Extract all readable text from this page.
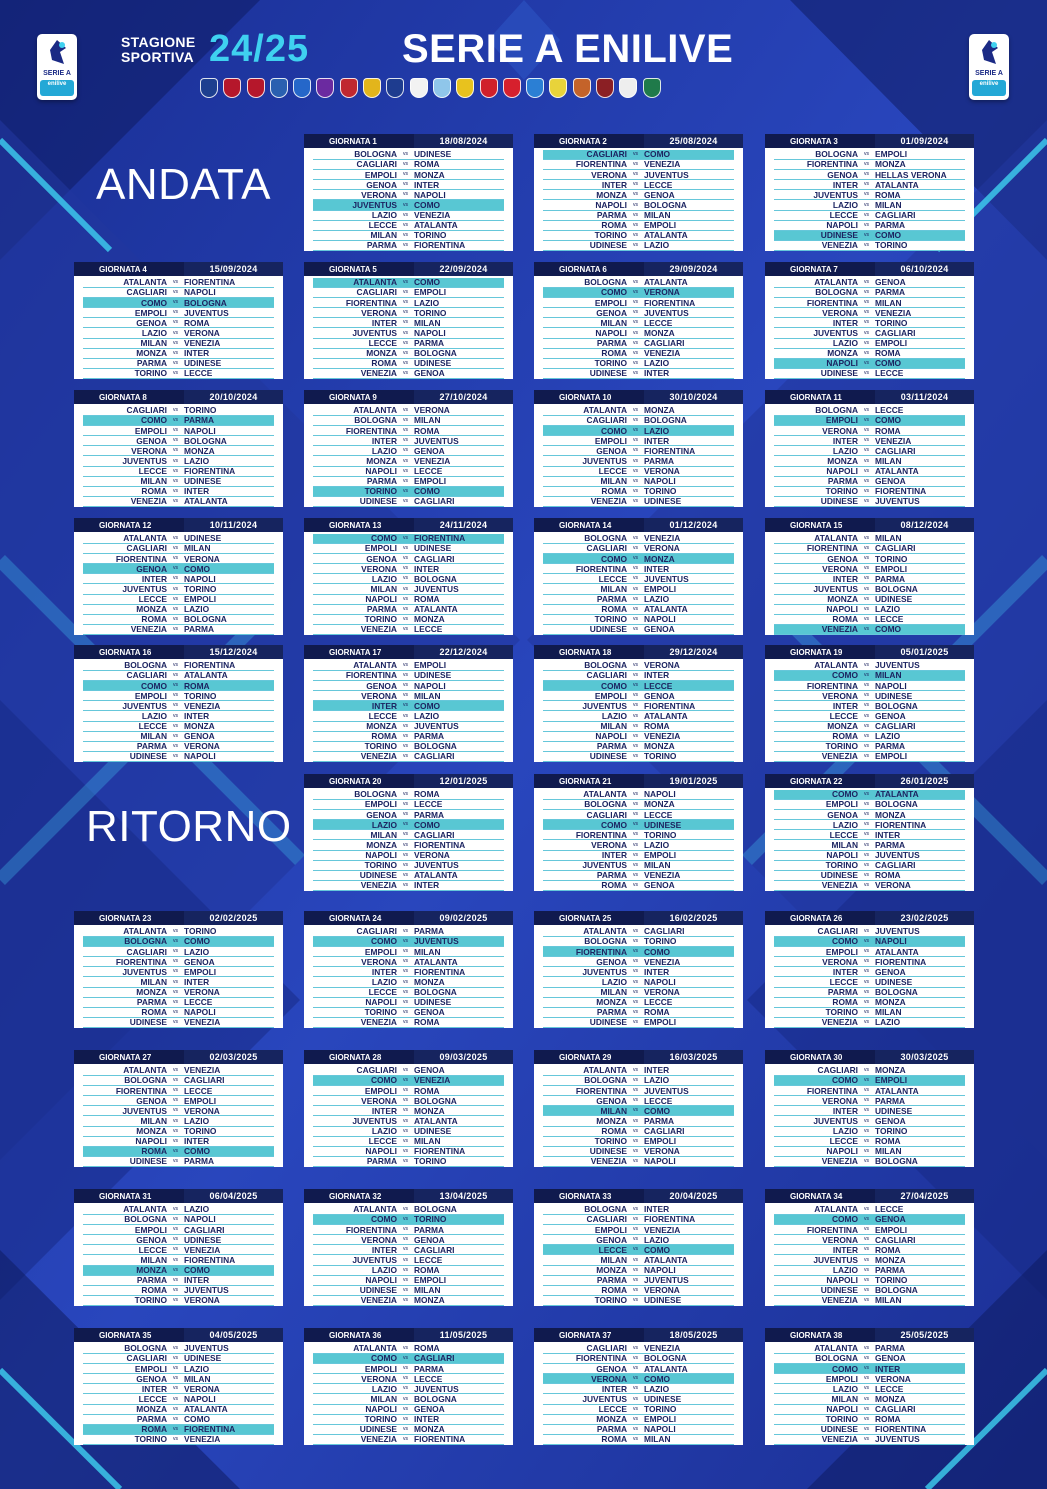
SERIE A
enilive
SERIE A
enilive
STAGIONE
SPORTIVA 24/25 SERIE A ENILIVE
ANDATA
RITORNO
GIORNATA 1	18/08/2024
BOLOGNA	vs UDINESE
CAGLIARI	vs ROMA
EMPOLI	vs MONZA
GENOA	vs INTER
VERONA	vs NAPOLI
JUVENTUS	vs COMO
LAZIO	vs VENEZIA
LECCE	vs ATALANTA
MILAN	vs TORINO
PARMA	vs FIORENTINA
GIORNATA 2	25/08/2024
CAGLIARI	vs COMO
FIORENTINA	vs VENEZIA
VERONA	vs JUVENTUS
INTER	vs LECCE
MONZA	vs GENOA
NAPOLI	vs BOLOGNA
PARMA	vs MILAN
ROMA	vs EMPOLI
TORINO	vs ATALANTA
UDINESE	vs LAZIO
GIORNATA 3	01/09/2024
BOLOGNA	vs EMPOLI
FIORENTINA	vs MONZA
GENOA	vs HELLAS VERONA
INTER	vs ATALANTA
JUVENTUS	vs ROMA
LAZIO	vs MILAN
LECCE	vs CAGLIARI
NAPOLI	vs PARMA
UDINESE	vs COMO
VENEZIA	vs TORINO
GIORNATA 4	15/09/2024
ATALANTA	vs FIORENTINA
CAGLIARI	vs NAPOLI
COMO	vs BOLOGNA
EMPOLI	vs JUVENTUS
GENOA	vs ROMA
LAZIO	vs VERONA
MILAN	vs VENEZIA
MONZA	vs INTER
PARMA	vs UDINESE
TORINO	vs LECCE
GIORNATA 5	22/09/2024
ATALANTA	vs COMO
CAGLIARI	vs EMPOLI
FIORENTINA	vs LAZIO
VERONA	vs TORINO
INTER	vs MILAN
JUVENTUS	vs NAPOLI
LECCE	vs PARMA
MONZA	vs BOLOGNA
ROMA	vs UDINESE
VENEZIA	vs GENOA
GIORNATA 6	29/09/2024
BOLOGNA	vs ATALANTA
COMO	vs VERONA
EMPOLI	vs FIORENTINA
GENOA	vs JUVENTUS
MILAN	vs LECCE
NAPOLI	vs MONZA
PARMA	vs CAGLIARI
ROMA	vs VENEZIA
TORINO	vs LAZIO
UDINESE	vs INTER
GIORNATA 7	06/10/2024
ATALANTA	vs GENOA
BOLOGNA	vs PARMA
FIORENTINA	vs MILAN
VERONA	vs VENEZIA
INTER	vs TORINO
JUVENTUS	vs CAGLIARI
LAZIO	vs EMPOLI
MONZA	vs ROMA
NAPOLI	vs COMO
UDINESE	vs LECCE
GIORNATA 8	20/10/2024
CAGLIARI	vs TORINO
COMO	vs PARMA
EMPOLI	vs NAPOLI
GENOA	vs BOLOGNA
VERONA	vs MONZA
JUVENTUS	vs LAZIO
LECCE	vs FIORENTINA
MILAN	vs UDINESE
ROMA	vs INTER
VENEZIA	vs ATALANTA
GIORNATA 9	27/10/2024
ATALANTA	vs VERONA
BOLOGNA	vs MILAN
FIORENTINA	vs ROMA
INTER	vs JUVENTUS
LAZIO	vs GENOA
MONZA	vs VENEZIA
NAPOLI	vs LECCE
PARMA	vs EMPOLI
TORINO	vs COMO
UDINESE	vs CAGLIARI
GIORNATA 10	30/10/2024
ATALANTA	vs MONZA
CAGLIARI	vs BOLOGNA
COMO	vs LAZIO
EMPOLI	vs INTER
GENOA	vs FIORENTINA
JUVENTUS	vs PARMA
LECCE	vs VERONA
MILAN	vs NAPOLI
ROMA	vs TORINO
VENEZIA	vs UDINESE
GIORNATA 11	03/11/2024
BOLOGNA	vs LECCE
EMPOLI	vs COMO
VERONA	vs ROMA
INTER	vs VENEZIA
LAZIO	vs CAGLIARI
MONZA	vs MILAN
NAPOLI	vs ATALANTA
PARMA	vs GENOA
TORINO	vs FIORENTINA
UDINESE	vs JUVENTUS
GIORNATA 12	10/11/2024
ATALANTA	vs UDINESE
CAGLIARI	vs MILAN
FIORENTINA	vs VERONA
GENOA	vs COMO
INTER	vs NAPOLI
JUVENTUS	vs TORINO
LECCE	vs EMPOLI
MONZA	vs LAZIO
ROMA	vs BOLOGNA
VENEZIA	vs PARMA
GIORNATA 13	24/11/2024
COMO	vs FIORENTINA
EMPOLI	vs UDINESE
GENOA	vs CAGLIARI
VERONA	vs INTER
LAZIO	vs BOLOGNA
MILAN	vs JUVENTUS
NAPOLI	vs ROMA
PARMA	vs ATALANTA
TORINO	vs MONZA
VENEZIA	vs LECCE
GIORNATA 14	01/12/2024
BOLOGNA	vs VENEZIA
CAGLIARI	vs VERONA
COMO	vs MONZA
FIORENTINA	vs INTER
LECCE	vs JUVENTUS
MILAN	vs EMPOLI
PARMA	vs LAZIO
ROMA	vs ATALANTA
TORINO	vs NAPOLI
UDINESE	vs GENOA
GIORNATA 15	08/12/2024
ATALANTA	vs MILAN
FIORENTINA	vs CAGLIARI
GENOA	vs TORINO
VERONA	vs EMPOLI
INTER	vs PARMA
JUVENTUS	vs BOLOGNA
MONZA	vs UDINESE
NAPOLI	vs LAZIO
ROMA	vs LECCE
VENEZIA	vs COMO
GIORNATA 16	15/12/2024
BOLOGNA	vs FIORENTINA
CAGLIARI	vs ATALANTA
COMO	vs ROMA
EMPOLI	vs TORINO
JUVENTUS	vs VENEZIA
LAZIO	vs INTER
LECCE	vs MONZA
MILAN	vs GENOA
PARMA	vs VERONA
UDINESE	vs NAPOLI
GIORNATA 17	22/12/2024
ATALANTA	vs EMPOLI
FIORENTINA	vs UDINESE
GENOA	vs NAPOLI
VERONA	vs MILAN
INTER	vs COMO
LECCE	vs LAZIO
MONZA	vs JUVENTUS
ROMA	vs PARMA
TORINO	vs BOLOGNA
VENEZIA	vs CAGLIARI
GIORNATA 18	29/12/2024
BOLOGNA	vs VERONA
CAGLIARI	vs INTER
COMO	vs LECCE
EMPOLI	vs GENOA
JUVENTUS	vs FIORENTINA
LAZIO	vs ATALANTA
MILAN	vs ROMA
NAPOLI	vs VENEZIA
PARMA	vs MONZA
UDINESE	vs TORINO
GIORNATA 19	05/01/2025
ATALANTA	vs JUVENTUS
COMO	vs MILAN
FIORENTINA	vs NAPOLI
VERONA	vs UDINESE
INTER	vs BOLOGNA
LECCE	vs GENOA
MONZA	vs CAGLIARI
ROMA	vs LAZIO
TORINO	vs PARMA
VENEZIA	vs EMPOLI
GIORNATA 20	12/01/2025
BOLOGNA	vs ROMA
EMPOLI	vs LECCE
GENOA	vs PARMA
LAZIO	vs COMO
MILAN	vs CAGLIARI
MONZA	vs FIORENTINA
NAPOLI	vs VERONA
TORINO	vs JUVENTUS
UDINESE	vs ATALANTA
VENEZIA	vs INTER
GIORNATA 21	19/01/2025
ATALANTA	vs NAPOLI
BOLOGNA	vs MONZA
CAGLIARI	vs LECCE
COMO	vs UDINESE
FIORENTINA	vs TORINO
VERONA	vs LAZIO
INTER	vs EMPOLI
JUVENTUS	vs MILAN
PARMA	vs VENEZIA
ROMA	vs GENOA
GIORNATA 22	26/01/2025
COMO	vs ATALANTA
EMPOLI	vs BOLOGNA
GENOA	vs MONZA
LAZIO	vs FIORENTINA
LECCE	vs INTER
MILAN	vs PARMA
NAPOLI	vs JUVENTUS
TORINO	vs CAGLIARI
UDINESE	vs ROMA
VENEZIA	vs VERONA
GIORNATA 23	02/02/2025
ATALANTA	vs TORINO
BOLOGNA	vs COMO
CAGLIARI	vs LAZIO
FIORENTINA	vs GENOA
JUVENTUS	vs EMPOLI
MILAN	vs INTER
MONZA	vs VERONA
PARMA	vs LECCE
ROMA	vs NAPOLI
UDINESE	vs VENEZIA
GIORNATA 24	09/02/2025
CAGLIARI	vs PARMA
COMO	vs JUVENTUS
EMPOLI	vs MILAN
VERONA	vs ATALANTA
INTER	vs FIORENTINA
LAZIO	vs MONZA
LECCE	vs BOLOGNA
NAPOLI	vs UDINESE
TORINO	vs GENOA
VENEZIA	vs ROMA
GIORNATA 25	16/02/2025
ATALANTA	vs CAGLIARI
BOLOGNA	vs TORINO
FIORENTINA	vs COMO
GENOA	vs VENEZIA
JUVENTUS	vs INTER
LAZIO	vs NAPOLI
MILAN	vs VERONA
MONZA	vs LECCE
PARMA	vs ROMA
UDINESE	vs EMPOLI
GIORNATA 26	23/02/2025
CAGLIARI	vs JUVENTUS
COMO	vs NAPOLI
EMPOLI	vs ATALANTA
VERONA	vs FIORENTINA
INTER	vs GENOA
LECCE	vs UDINESE
PARMA	vs BOLOGNA
ROMA	vs MONZA
TORINO	vs MILAN
VENEZIA	vs LAZIO
GIORNATA 27	02/03/2025
ATALANTA	vs VENEZIA
BOLOGNA	vs CAGLIARI
FIORENTINA	vs LECCE
GENOA	vs EMPOLI
JUVENTUS	vs VERONA
MILAN	vs LAZIO
MONZA	vs TORINO
NAPOLI	vs INTER
ROMA	vs COMO
UDINESE	vs PARMA
GIORNATA 28	09/03/2025
CAGLIARI	vs GENOA
COMO	vs VENEZIA
EMPOLI	vs ROMA
VERONA	vs BOLOGNA
INTER	vs MONZA
JUVENTUS	vs ATALANTA
LAZIO	vs UDINESE
LECCE	vs MILAN
NAPOLI	vs FIORENTINA
PARMA	vs TORINO
GIORNATA 29	16/03/2025
ATALANTA	vs INTER
BOLOGNA	vs LAZIO
FIORENTINA	vs JUVENTUS
GENOA	vs LECCE
MILAN	vs COMO
MONZA	vs PARMA
ROMA	vs CAGLIARI
TORINO	vs EMPOLI
UDINESE	vs VERONA
VENEZIA	vs NAPOLI
GIORNATA 30	30/03/2025
CAGLIARI	vs MONZA
COMO	vs EMPOLI
FIORENTINA	vs ATALANTA
VERONA	vs PARMA
INTER	vs UDINESE
JUVENTUS	vs GENOA
LAZIO	vs TORINO
LECCE	vs ROMA
NAPOLI	vs MILAN
VENEZIA	vs BOLOGNA
GIORNATA 31	06/04/2025
ATALANTA	vs LAZIO
BOLOGNA	vs NAPOLI
EMPOLI	vs CAGLIARI
GENOA	vs UDINESE
LECCE	vs VENEZIA
MILAN	vs FIORENTINA
MONZA	vs COMO
PARMA	vs INTER
ROMA	vs JUVENTUS
TORINO	vs VERONA
GIORNATA 32	13/04/2025
ATALANTA	vs BOLOGNA
COMO	vs TORINO
FIORENTINA	vs PARMA
VERONA	vs GENOA
INTER	vs CAGLIARI
JUVENTUS	vs LECCE
LAZIO	vs ROMA
NAPOLI	vs EMPOLI
UDINESE	vs MILAN
VENEZIA	vs MONZA
GIORNATA 33	20/04/2025
BOLOGNA	vs INTER
CAGLIARI	vs FIORENTINA
EMPOLI	vs VENEZIA
GENOA	vs LAZIO
LECCE	vs COMO
MILAN	vs ATALANTA
MONZA	vs NAPOLI
PARMA	vs JUVENTUS
ROMA	vs VERONA
TORINO	vs UDINESE
GIORNATA 34	27/04/2025
ATALANTA	vs LECCE
COMO	vs GENOA
FIORENTINA	vs EMPOLI
VERONA	vs CAGLIARI
INTER	vs ROMA
JUVENTUS	vs MONZA
LAZIO	vs PARMA
NAPOLI	vs TORINO
UDINESE	vs BOLOGNA
VENEZIA	vs MILAN
GIORNATA 35	04/05/2025
BOLOGNA	vs JUVENTUS
CAGLIARI	vs UDINESE
EMPOLI	vs LAZIO
GENOA	vs MILAN
INTER	vs VERONA
LECCE	vs NAPOLI
MONZA	vs ATALANTA
PARMA	vs COMO
ROMA	vs FIORENTINA
TORINO	vs VENEZIA
GIORNATA 36	11/05/2025
ATALANTA	vs ROMA
COMO	vs CAGLIARI
EMPOLI	vs PARMA
VERONA	vs LECCE
LAZIO	vs JUVENTUS
MILAN	vs BOLOGNA
NAPOLI	vs GENOA
TORINO	vs INTER
UDINESE	vs MONZA
VENEZIA	vs FIORENTINA
GIORNATA 37	18/05/2025
CAGLIARI	vs VENEZIA
FIORENTINA	vs BOLOGNA
GENOA	vs ATALANTA
VERONA	vs COMO
INTER	vs LAZIO
JUVENTUS	vs UDINESE
LECCE	vs TORINO
MONZA	vs EMPOLI
PARMA	vs NAPOLI
ROMA	vs MILAN
GIORNATA 38	25/05/2025
ATALANTA	vs PARMA
BOLOGNA	vs GENOA
COMO	vs INTER
EMPOLI	vs VERONA
LAZIO	vs LECCE
MILAN	vs MONZA
NAPOLI	vs CAGLIARI
TORINO	vs ROMA
UDINESE	vs FIORENTINA
VENEZIA	vs JUVENTUS
